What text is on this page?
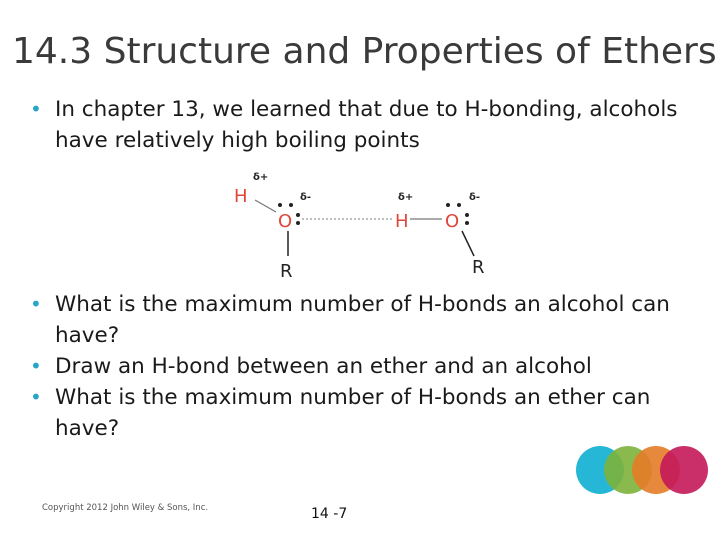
14.3 Structure and Properties of Ethers
• In chapter 13, we learned that due to H-bonding, alcohols have relatively high boiling points
δ+
H	δ-
O
R
δ+
H O
δ-
R
• What is the maximum number of H-bonds an alcohol can have?
• Draw an H-bond between an ether and an alcohol
• What is the maximum number of H-bonds an ether can have?
Copyright 2012 John Wiley & Sons, Inc.	14 -7
